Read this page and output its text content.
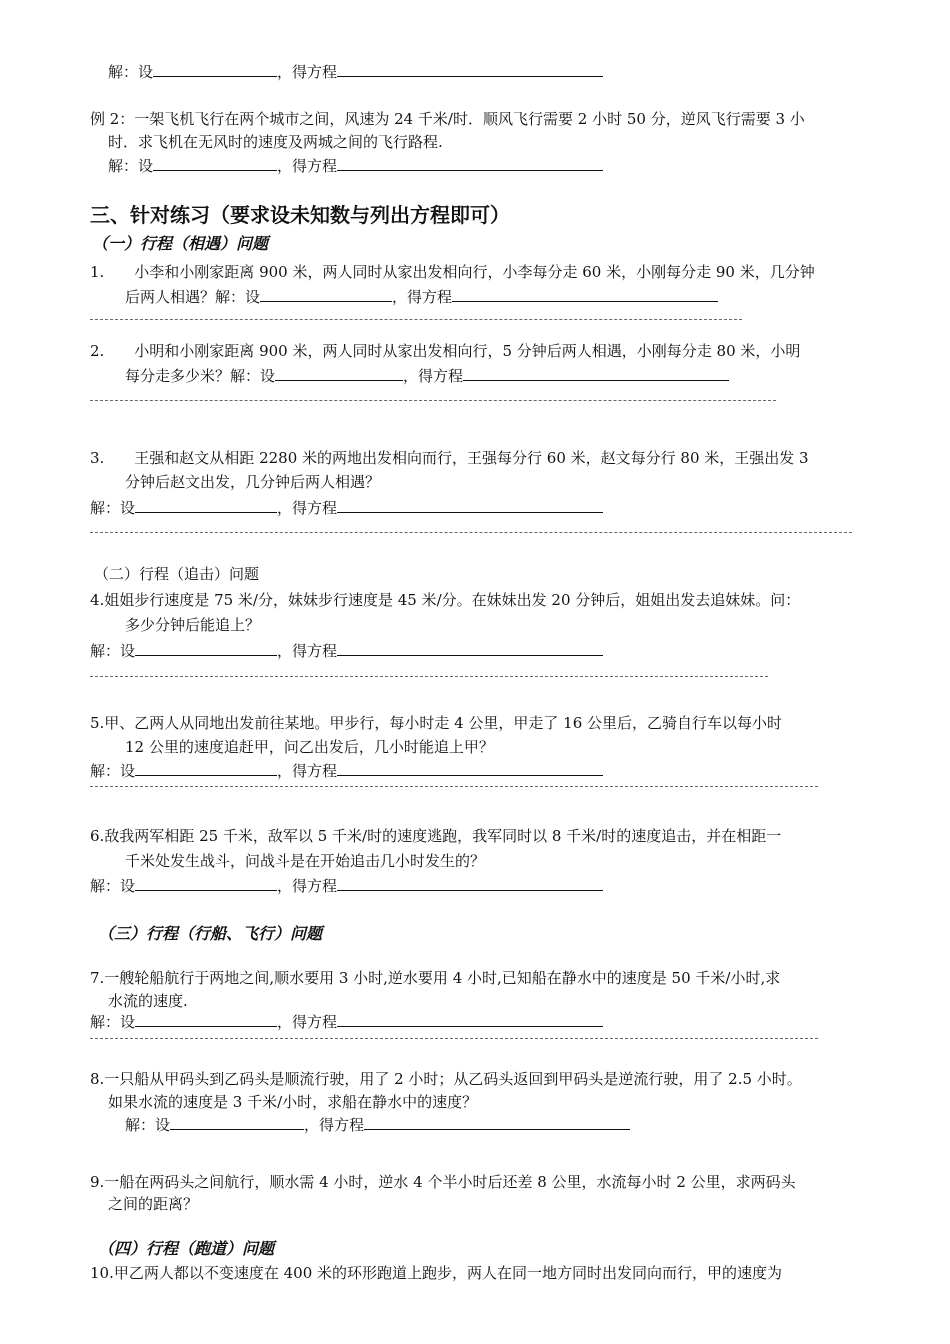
解：设	，得方程
例 2：一架飞机飞行在两个城市之间，风速为 24 千米/时．顺风飞行需要 2 小时 50 分，逆风飞行需要 3 小
时．求飞机在无风时的速度及两城之间的飞行路程.
解：设	，得方程
三、针对练习（要求设未知数与列出方程即可）
（一）行程（相遇）问题
1.　　小李和小刚家距离 900 米，两人同时从家出发相向行，小李每分走 60 米，小刚每分走 90 米，几分钟
后两人相遇？解：设	，得方程
2.　　小明和小刚家距离 900 米，两人同时从家出发相向行，5 分钟后两人相遇，小刚每分走 80 米，小明
每分走多少米？解：设	，得方程
3.　　王强和赵文从相距 2280 米的两地出发相向而行，王强每分行 60 米，赵文每分行 80 米，王强出发 3
分钟后赵文出发，几分钟后两人相遇？
解：设	，得方程
（二）行程（追击）问题
4.姐姐步行速度是 75 米/分，妹妹步行速度是 45 米/分。在妹妹出发 20 分钟后，姐姐出发去追妹妹。问：
多少分钟后能追上？
解：设	，得方程
5.甲、乙两人从同地出发前往某地。甲步行，每小时走 4 公里，甲走了 16 公里后，乙骑自行车以每小时
12 公里的速度追赶甲，问乙出发后，几小时能追上甲？
解：设	，得方程
6.敌我两军相距 25 千米，敌军以 5 千米/时的速度逃跑，我军同时以 8 千米/时的速度追击，并在相距一
千米处发生战斗，问战斗是在开始追击几小时发生的？
解：设	，得方程
（三）行程（行船、飞行）问题
7.一艘轮船航行于两地之间,顺水要用 3 小时,逆水要用 4 小时,已知船在静水中的速度是 50 千米/小时,求
水流的速度.
解：设	，得方程
8.一只船从甲码头到乙码头是顺流行驶，用了 2 小时；从乙码头返回到甲码头是逆流行驶，用了 2.5 小时。
如果水流的速度是 3 千米/小时，求船在静水中的速度？
解：设	，得方程
9.一船在两码头之间航行，顺水需 4 小时，逆水 4 个半小时后还差 8 公里，水流每小时 2 公里，求两码头
之间的距离？
（四）行程（跑道）问题
10.甲乙两人都以不变速度在 400 米的环形跑道上跑步，两人在同一地方同时出发同向而行，甲的速度为
